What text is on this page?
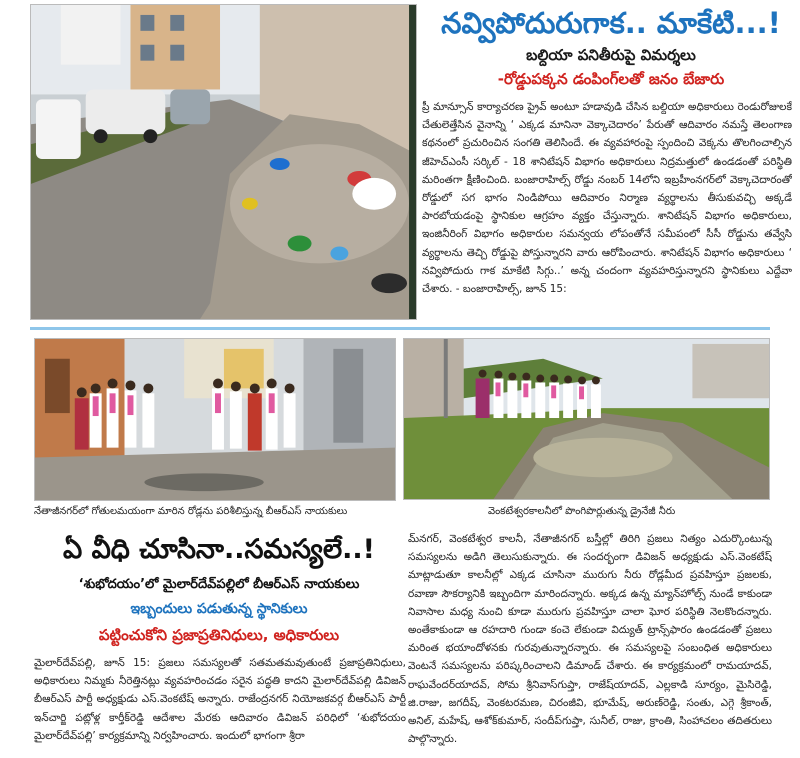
నవ్విపోదురుగాక.. మాకేటి...!
బల్దియా పనితీరుపై విమర్శలు
-రోడ్డుపక్కన డంపింగ్‌లతో జనం బేజారు
ప్రీ మాన్సూన్ కార్యాచరణ ప్రైవ్ అంటూ హడావుడి చేసిన బల్దియా అధికారులు రెండురోజులకే చేతులెత్తేసిన వైనాన్ని ‘ ఎక్కడ మానినా వెక్కాచెదారం’ పేరుతో ఆదివారం నమస్తే తెలంగాణ కథనంలో ప్రచురించిన సంగతి తెలిసిందే. ఈ వ్యవహారంపై స్పందించి వెక్కను తొలగించాల్సిన జీహెచ్ఎంసీ సర్కిల్ - 18 శానిటేషన్ విభాగం అధికారులు నిద్రమత్తులో ఉండడంతో పరిస్థితి మరింతగా క్షీణించింది. బంజారాహిల్స్ రోడ్డు నంబర్ 14లోని ఇబ్రహీంనగర్‌లో వెక్కాచెదారంతో రోడ్డులో సగ భాగం నిండిపోయి ఆదివారం నిర్మాణ వ్యర్థాలను తీసుకువచ్చి అక్కడే పారబోయడంపై స్థానికుల ఆగ్రహం వ్యక్తం చేస్తున్నారు. శానిటేషన్ విభాగం అధికారులు, ఇంజినీరింగ్ విభాగం అధికారుల సమన్వయ లోపంతోనే సమీపంలో సీసీ రోడ్డును తవ్వేసి వ్యర్థాలను తెచ్చి రోడ్డుపై పోస్తున్నారని వారు ఆరోపించారు. శానిటేషన్ విభాగం అధికారులు ‘ నవ్విపోదురు గాక మాకేటి సిగ్గు..’ అన్న చందంగా వ్యవహరిస్తున్నారని స్థానికులు ఎద్దేవా చేశారు. - బంజారాహిల్స్, జూన్ 15:
నేతాజీనగర్‌లో గోతులమయంగా మారిన రోడ్లను పరిశీలిస్తున్న బీఆర్ఎస్ నాయకులు	వెంకటేశ్వరకాలనీలో పొంగిపొర్లుతున్న డ్రైనేజీ నీరు
ఏ వీధి చూసినా..సమస్యలే..!
‘శుభోదయం’లో మైలార్‌దేవ్‌పల్లిలో బీఆర్ఎస్ నాయకులు
ఇబ్బందులు పడుతున్న స్థానికులు
పట్టించుకోని ప్రజాప్రతినిధులు, అధికారులు
మైలార్‌దేవ్‌పల్లి, జూన్ 15: ప్రజలు సమస్యలతో సతమతమవుతుంటే ప్రజాప్రతినిధులు, అధికారులు నిమ్మకు నీరెత్తినట్లు వ్యవహరించడం సరైన పద్ధతి కాదని మైలార్‌దేవ్‌పల్లి డివిజన్ బీఆర్ఎస్ పార్టీ అధ్యక్షుడు ఎస్.వెంకటేష్ అన్నారు. రాజేంద్రనగర్ నియోజకవర్గ బీఆర్ఎస్ పార్టీ ఇన్‌చార్జి పట్లోళ్ల కార్తీక్‌రెడ్డి ఆదేశాల మేరకు ఆదివారం డివిజన్ పరిధిలో ‘శుభోదయం మైలార్‌దేవ్‌పల్లి’ కార్యక్రమాన్ని నిర్వహించారు. ఇందులో భాగంగా శ్రీరా
మ్‌నగర్, వెంకటేశ్వర కాలనీ, నేతాజీనగర్ బస్తీల్లో తిరిగి ప్రజలు నిత్యం ఎదుర్కొంటున్న సమస్యలను అడిగి తెలుసుకున్నారు. ఈ సందర్భంగా డివిజన్ అధ్యక్షుడు ఎస్.వెంకటేష్ మాట్లాడుతూ కాలనీల్లో ఎక్కడ చూసినా మురుగు నీరు రోడ్లమీద ప్రవహిస్తూ ప్రజలకు, రవాణా సౌకర్యానికి ఇబ్బందిగా మారిందన్నారు. అక్కడ ఉన్న మ్యాన్‌హోల్స్ నుండే కాకుండా నివాసాల మధ్య నుంచి కూడా మురుగు ప్రవహిస్తూ చాలా ఘోర పరిస్థితి నెలకొందన్నారు. అంతేకాకుండా ఆ రహదారి గుండా కంచె లేకుండా విద్యుత్ ట్రాన్స్‌ఫారం ఉండడంతో ప్రజలు మరింత భయాందోళనకు గురవుతున్నారన్నారు. ఈ సమస్యలపై సంబంధిత అధికారులు వెంటనే సమస్యలను పరిష్కరించాలని డిమాండ్ చేశారు. ఈ కార్యక్రమంలో రామయాదవ్, రాఘవేందర్‌యాదవ్, సోమ శ్రీనివాస్‌గుప్తా, రాజేష్‌యాదవ్, ఎల్లకాడి సూర్యం, మైసిరెడ్డి, జి.రాజు, జగదీష్, వెంకటరమణ, చిరంజీవి, భూమేష్, అరుణ్‌రెడ్డి, సంతు, ఎగ్గె శ్రీకాంత్, అనిల్, మహేష్, ఆశోక్‌కుమార్, సందీప్‌గుప్తా, సునీల్, రాజు, క్రాంతి, సింహాచలం తదితరులు పాల్గొన్నారు.
